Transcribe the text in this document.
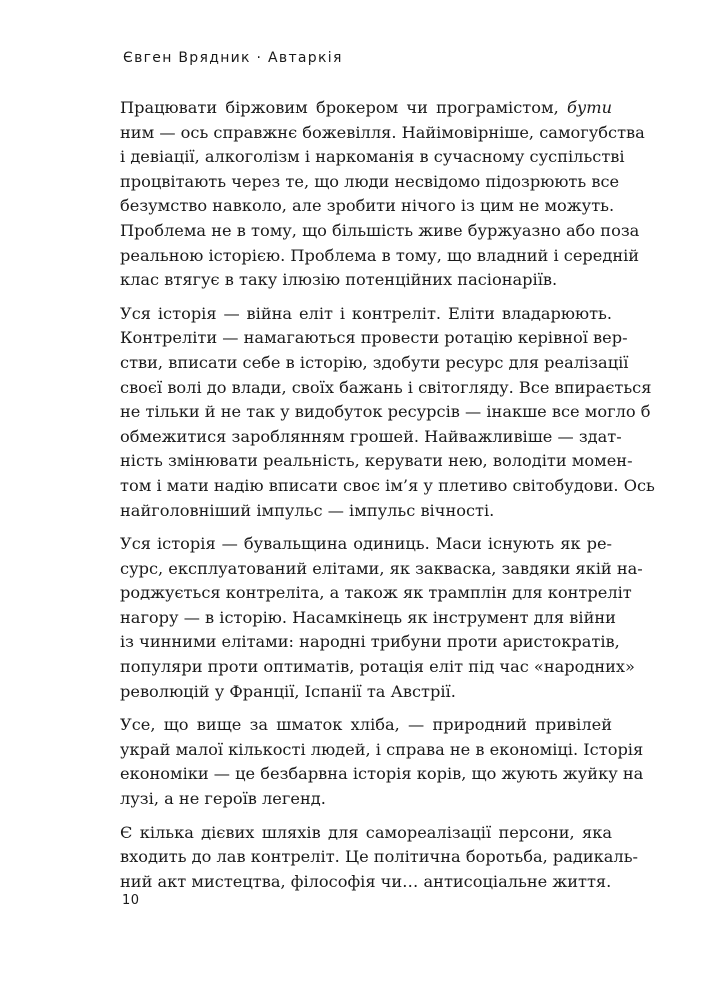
Євген Врядник · Автаркія
Працювати біржовим брокером чи програмістом, бути
ним — ось справжнє божевілля. Найімовірніше, самогубства
і девіації, алкоголізм і наркоманія в сучасному суспільстві
процвітають через те, що люди несвідомо підозрюють все
безумство навколо, але зробити нічого із цим не можуть.
Проблема не в тому, що більшість живе буржуазно або поза
реальною історією. Проблема в тому, що владний і середній
клас втягує в таку ілюзію потенційних пасіонаріїв.
Уся історія — війна еліт і контреліт. Еліти владарюють.
Контреліти — намагаються провести ротацію керівної вер-
стви, вписати себе в історію, здобути ресурс для реалізації
своєї волі до влади, своїх бажань і світогляду. Все впирається
не тільки й не так у видобуток ресурсів — інакше все могло б
обмежитися зароблянням грошей. Найважливіше — здат-
ність змінювати реальність, керувати нею, володіти момен-
том і мати надію вписати своє ім’я у плетиво світобудови. Ось
найголовніший імпульс — імпульс вічності.
Уся історія — бувальщина одиниць. Маси існують як ре-
сурс, експлуатований елітами, як закваска, завдяки якій на-
роджується контреліта, а також як трамплін для контреліт
нагору — в історію. Насамкінець як інструмент для війни
із чинними елітами: народні трибуни проти аристократів,
популяри проти оптиматів, ротація еліт під час «народних»
революцій у Франції, Іспанії та Австрії.
Усе, що вище за шматок хліба, — природний привілей
украй малої кількості людей, і справа не в економіці. Історія
економіки — це безбарвна історія корів, що жують жуйку на
лузі, а не героїв легенд.
Є кілька дієвих шляхів для самореалізації персони, яка
входить до лав контреліт. Це політична боротьба, радикаль-
ний акт мистецтва, філософія чи… антисоціальне життя.
10
